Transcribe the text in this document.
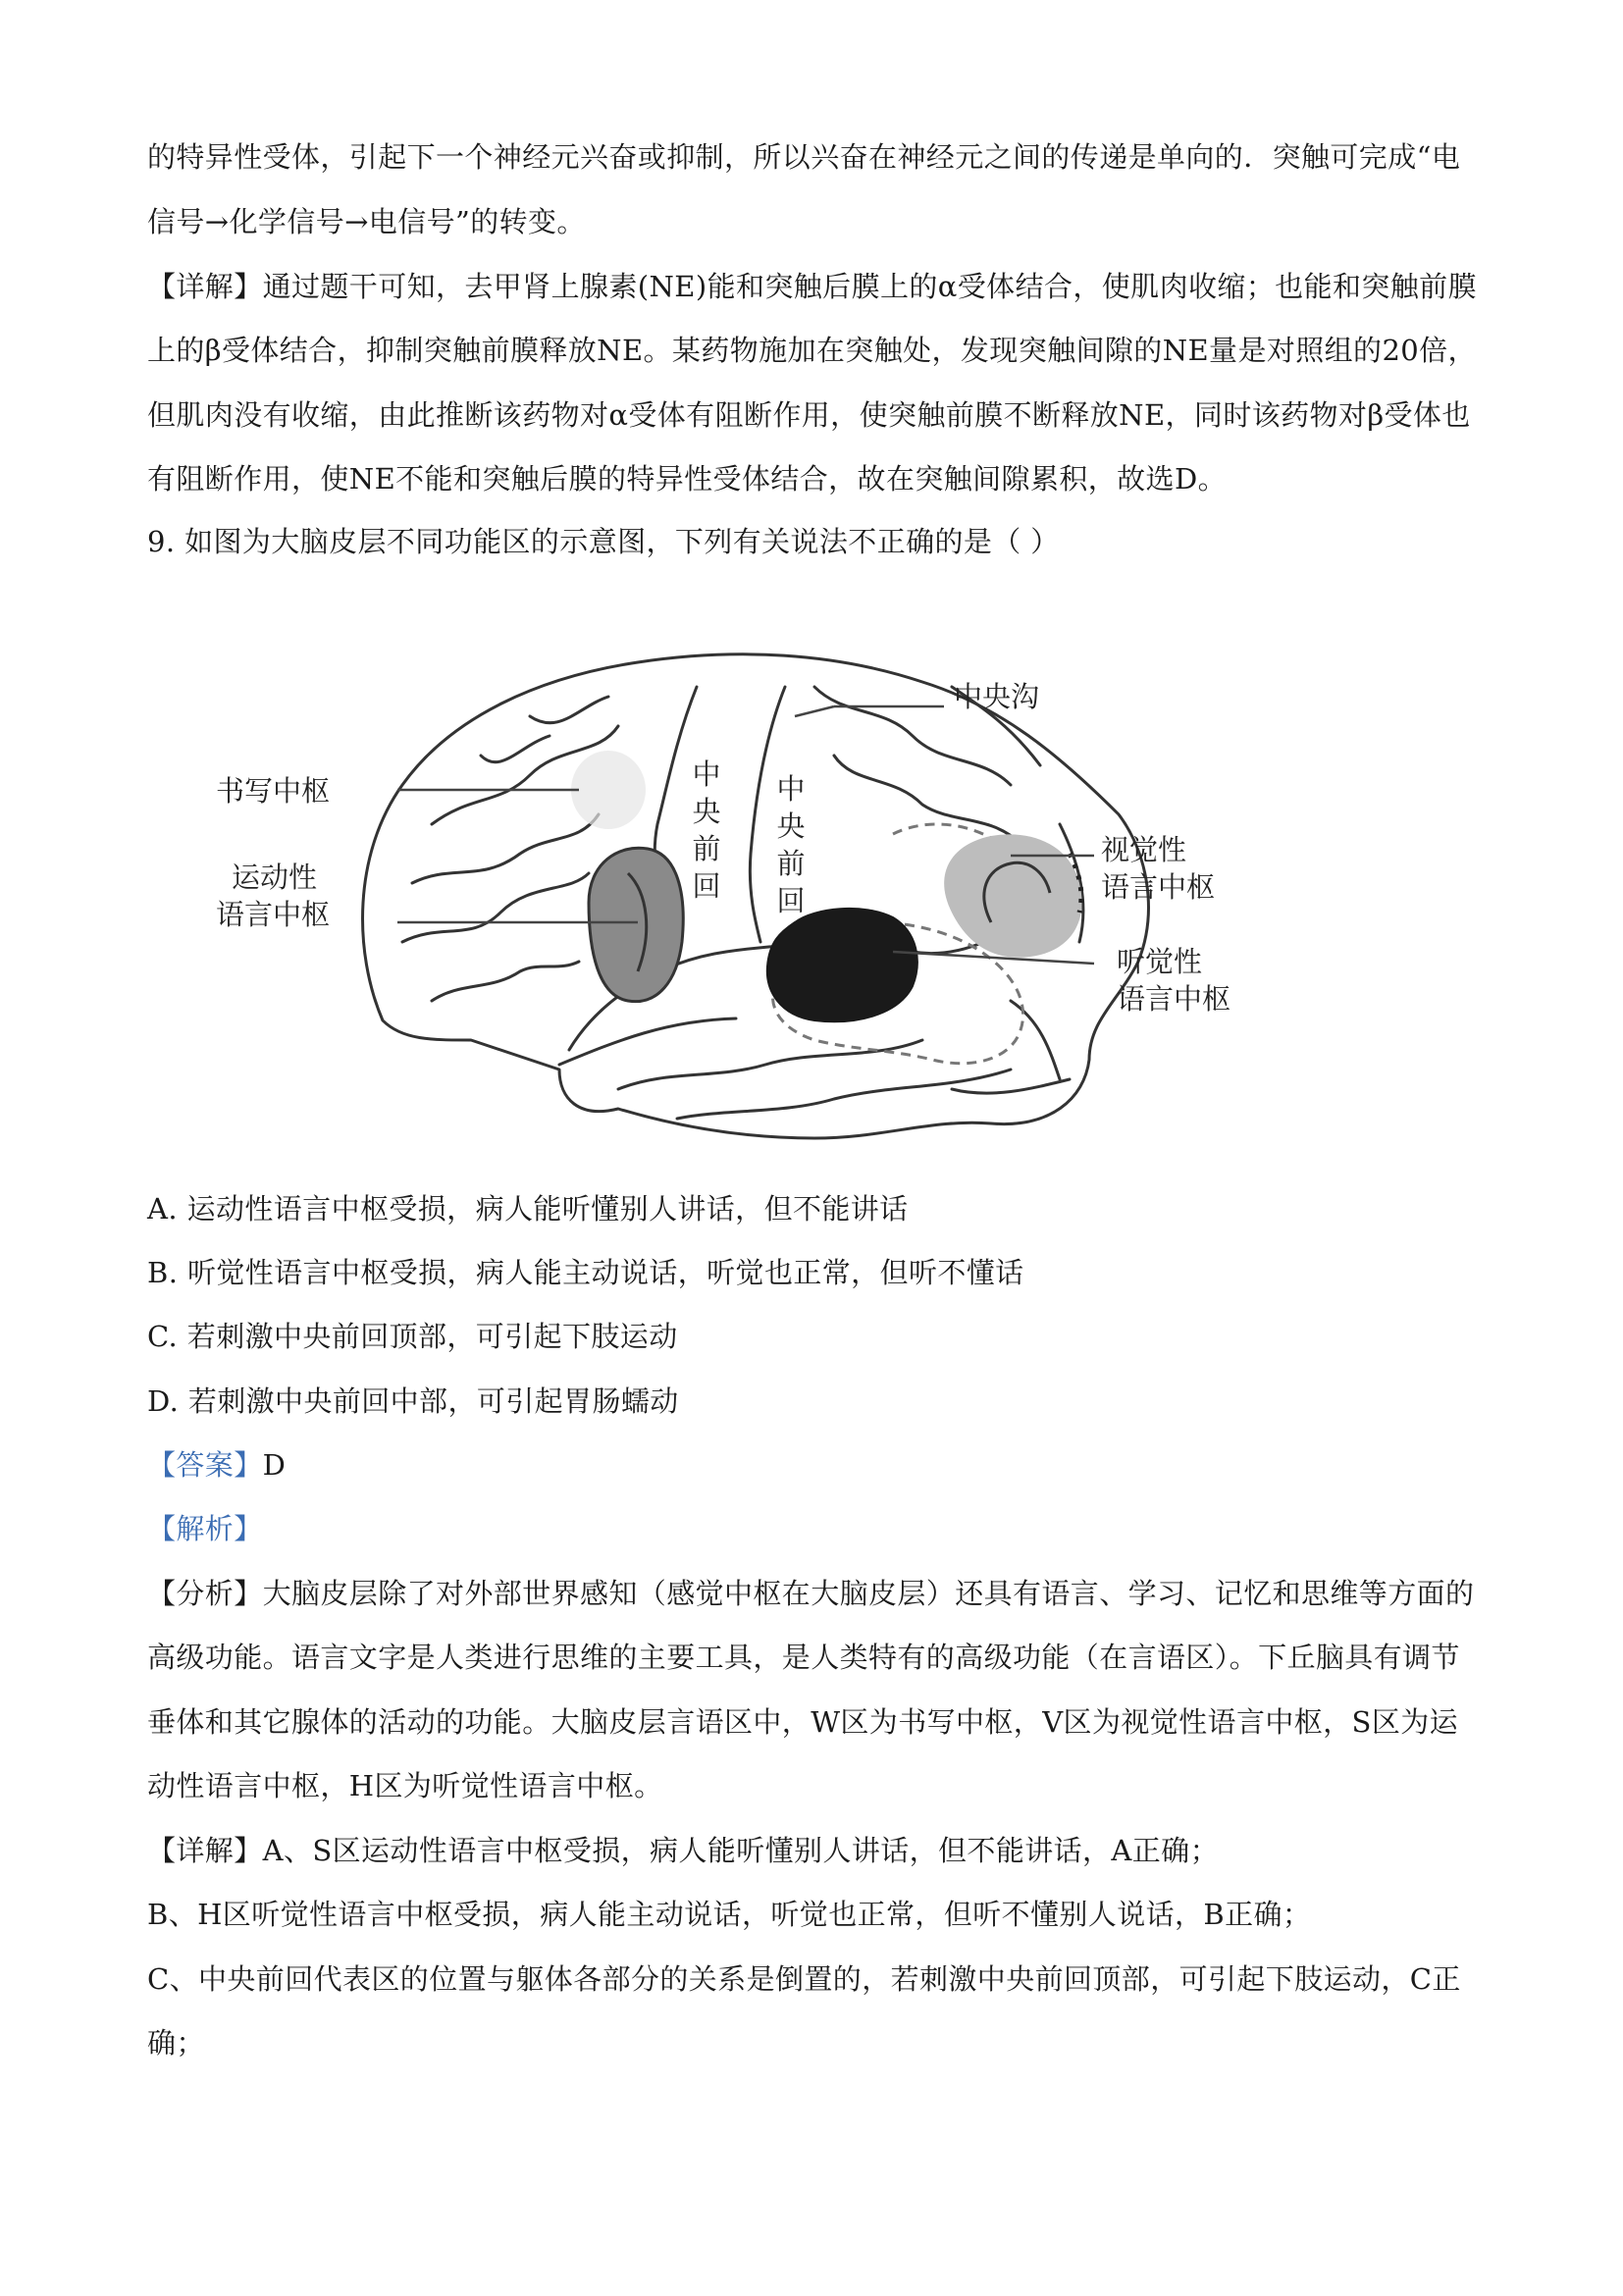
的特异性受体，引起下一个神经元兴奋或抑制，所以兴奋在神经元之间的传递是单向的．突触可完成“电
信号→化学信号→电信号”的转变。
【详解】通过题干可知，去甲肾上腺素(NE)能和突触后膜上的α受体结合，使肌肉收缩；也能和突触前膜
上的β受体结合，抑制突触前膜释放NE。某药物施加在突触处，发现突触间隙的NE量是对照组的20倍，
但肌肉没有收缩，由此推断该药物对α受体有阻断作用，使突触前膜不断释放NE，同时该药物对β受体也
有阻断作用，使NE不能和突触后膜的特异性受体结合，故在突触间隙累积，故选D。
9. 如图为大脑皮层不同功能区的示意图，下列有关说法不正确的是（ ）
中央沟
书写中枢
运动性
语言中枢
中央前回
中央前回
视觉性
语言中枢
听觉性
语言中枢
A. 运动性语言中枢受损，病人能听懂别人讲话，但不能讲话
B. 听觉性语言中枢受损，病人能主动说话，听觉也正常，但听不懂话
C. 若刺激中央前回顶部，可引起下肢运动
D. 若刺激中央前回中部，可引起胃肠蠕动
【答案】D
【解析】
【分析】大脑皮层除了对外部世界感知（感觉中枢在大脑皮层）还具有语言、学习、记忆和思维等方面的
高级功能。语言文字是人类进行思维的主要工具，是人类特有的高级功能（在言语区）。下丘脑具有调节
垂体和其它腺体的活动的功能。大脑皮层言语区中，W区为书写中枢，V区为视觉性语言中枢，S区为运
动性语言中枢，H区为听觉性语言中枢。
【详解】A、S区运动性语言中枢受损，病人能听懂别人讲话，但不能讲话，A正确；
B、H区听觉性语言中枢受损，病人能主动说话，听觉也正常，但听不懂别人说话，B正确；
C、中央前回代表区的位置与躯体各部分的关系是倒置的，若刺激中央前回顶部，可引起下肢运动，C正
确；
